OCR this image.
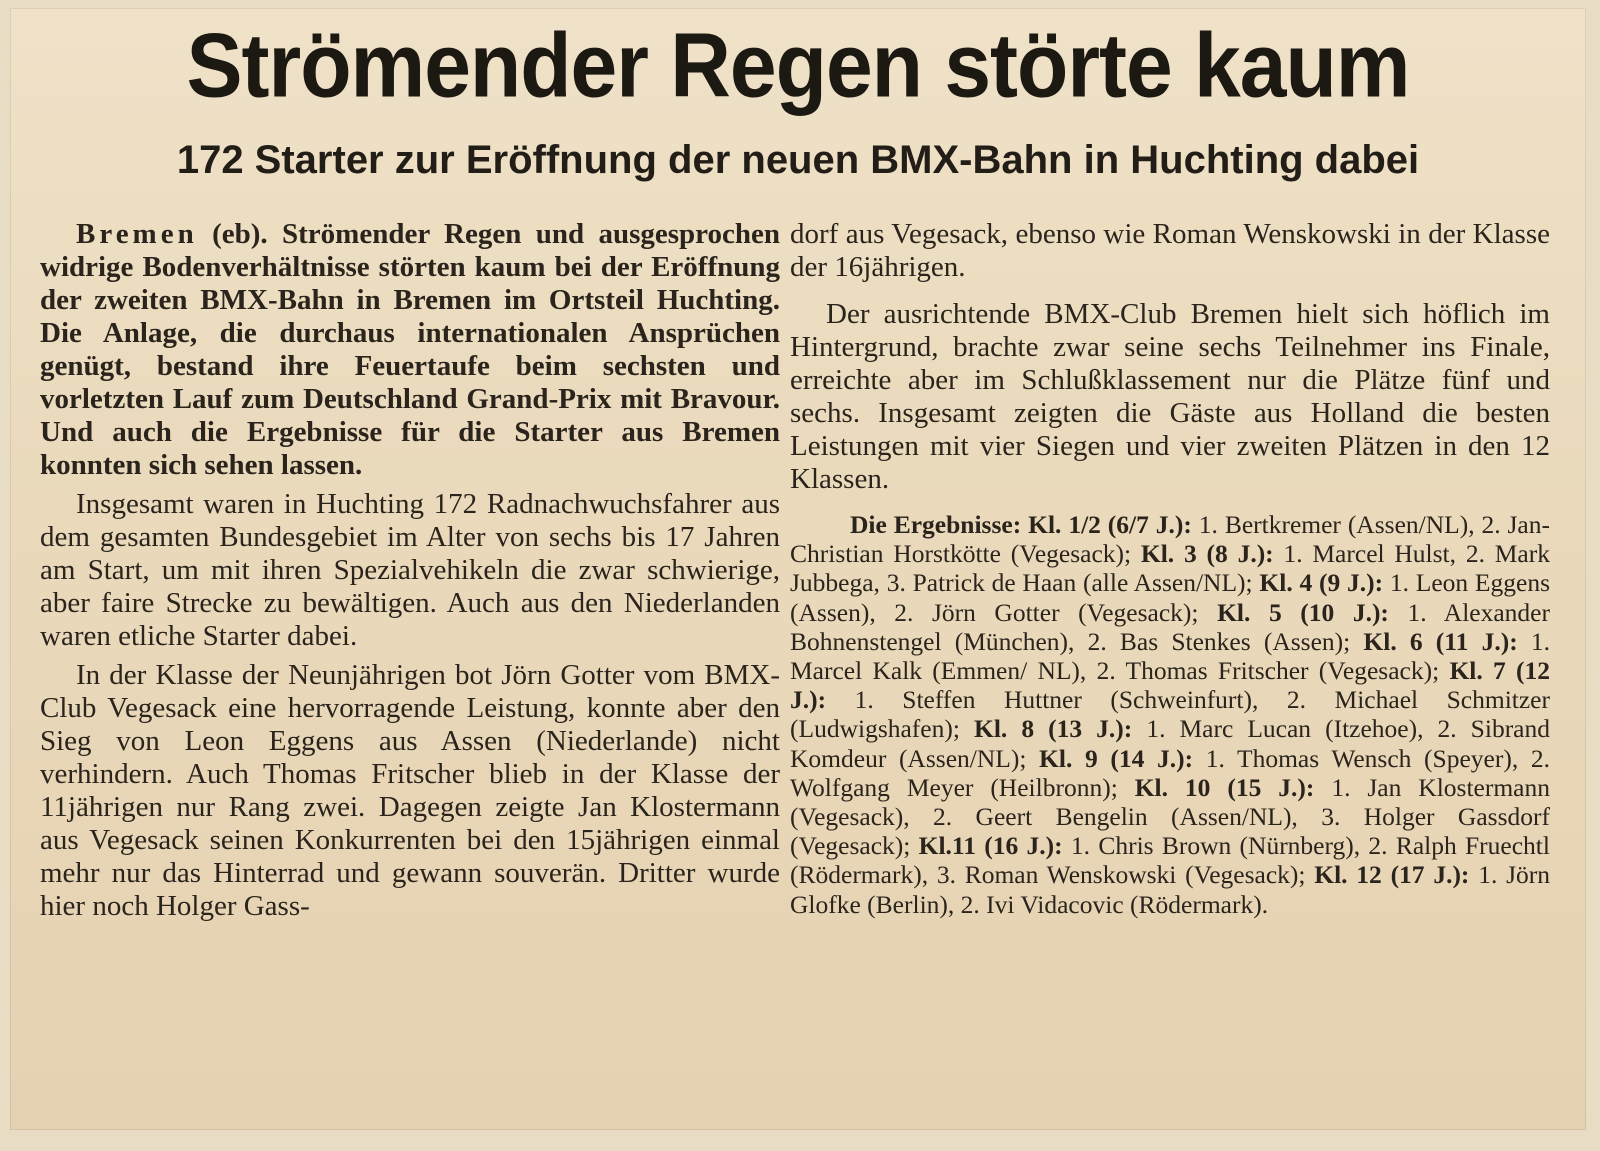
Strömender Regen störte kaum
172 Starter zur Eröffnung der neuen BMX-Bahn in Huchting dabei

Bremen (eb). Strömender Regen und ausgesprochen widrige Bodenverhältnisse störten kaum bei der Eröffnung der zweiten BMX-Bahn in Bremen im Ortsteil Huchting. Die Anlage, die durchaus internationalen Ansprüchen genügt, bestand ihre Feuertaufe beim sechsten und vorletzten Lauf zum Deutschland Grand-Prix mit Bravour. Und auch die Ergebnisse für die Starter aus Bremen konnten sich sehen lassen.

Insgesamt waren in Huchting 172 Radnachwuchsfahrer aus dem gesamten Bundesgebiet im Alter von sechs bis 17 Jahren am Start, um mit ihren Spezialvehikeln die zwar schwierige, aber faire Strecke zu bewältigen. Auch aus den Niederlanden waren etliche Starter dabei.

In der Klasse der Neunjährigen bot Jörn Gotter vom BMX-Club Vegesack eine hervorragende Leistung, konnte aber den Sieg von Leon Eggens aus Assen (Niederlande) nicht verhindern. Auch Thomas Fritscher blieb in der Klasse der 11jährigen nur Rang zwei. Dagegen zeigte Jan Klostermann aus Vegesack seinen Konkurrenten bei den 15jährigen einmal mehr nur das Hinterrad und gewann souverän. Dritter wurde hier noch Holger Gass-

dorf aus Vegesack, ebenso wie Roman Wenskowski in der Klasse der 16jährigen.

Der ausrichtende BMX-Club Bremen hielt sich höflich im Hintergrund, brachte zwar seine sechs Teilnehmer ins Finale, erreichte aber im Schlußklassement nur die Plätze fünf und sechs. Insgesamt zeigten die Gäste aus Holland die besten Leistungen mit vier Siegen und vier zweiten Plätzen in den 12 Klassen.

Die Ergebnisse: Kl. 1/2 (6/7 J.): 1. Bertkremer (Assen/NL), 2. Jan-Christian Horstkötte (Vegesack); Kl. 3 (8 J.): 1. Marcel Hulst, 2. Mark Jubbega, 3. Patrick de Haan (alle Assen/NL); Kl. 4 (9 J.): 1. Leon Eggens (Assen), 2. Jörn Gotter (Vegesack); Kl. 5 (10 J.): 1. Alexander Bohnenstengel (München), 2. Bas Stenkes (Assen); Kl. 6 (11 J.): 1. Marcel Kalk (Emmen/ NL), 2. Thomas Fritscher (Vegesack); Kl. 7 (12 J.): 1. Steffen Huttner (Schweinfurt), 2. Michael Schmitzer (Ludwigshafen); Kl. 8 (13 J.): 1. Marc Lucan (Itzehoe), 2. Sibrand Komdeur (Assen/NL); Kl. 9 (14 J.): 1. Thomas Wensch (Speyer), 2. Wolfgang Meyer (Heilbronn); Kl. 10 (15 J.): 1. Jan Klostermann (Vegesack), 2. Geert Bengelin (Assen/NL), 3. Holger Gassdorf (Vegesack); Kl.11 (16 J.): 1. Chris Brown (Nürnberg), 2. Ralph Fruechtl (Rödermark), 3. Roman Wenskowski (Vegesack); Kl. 12 (17 J.): 1. Jörn Glofke (Berlin), 2. Ivi Vidacovic (Rödermark).
